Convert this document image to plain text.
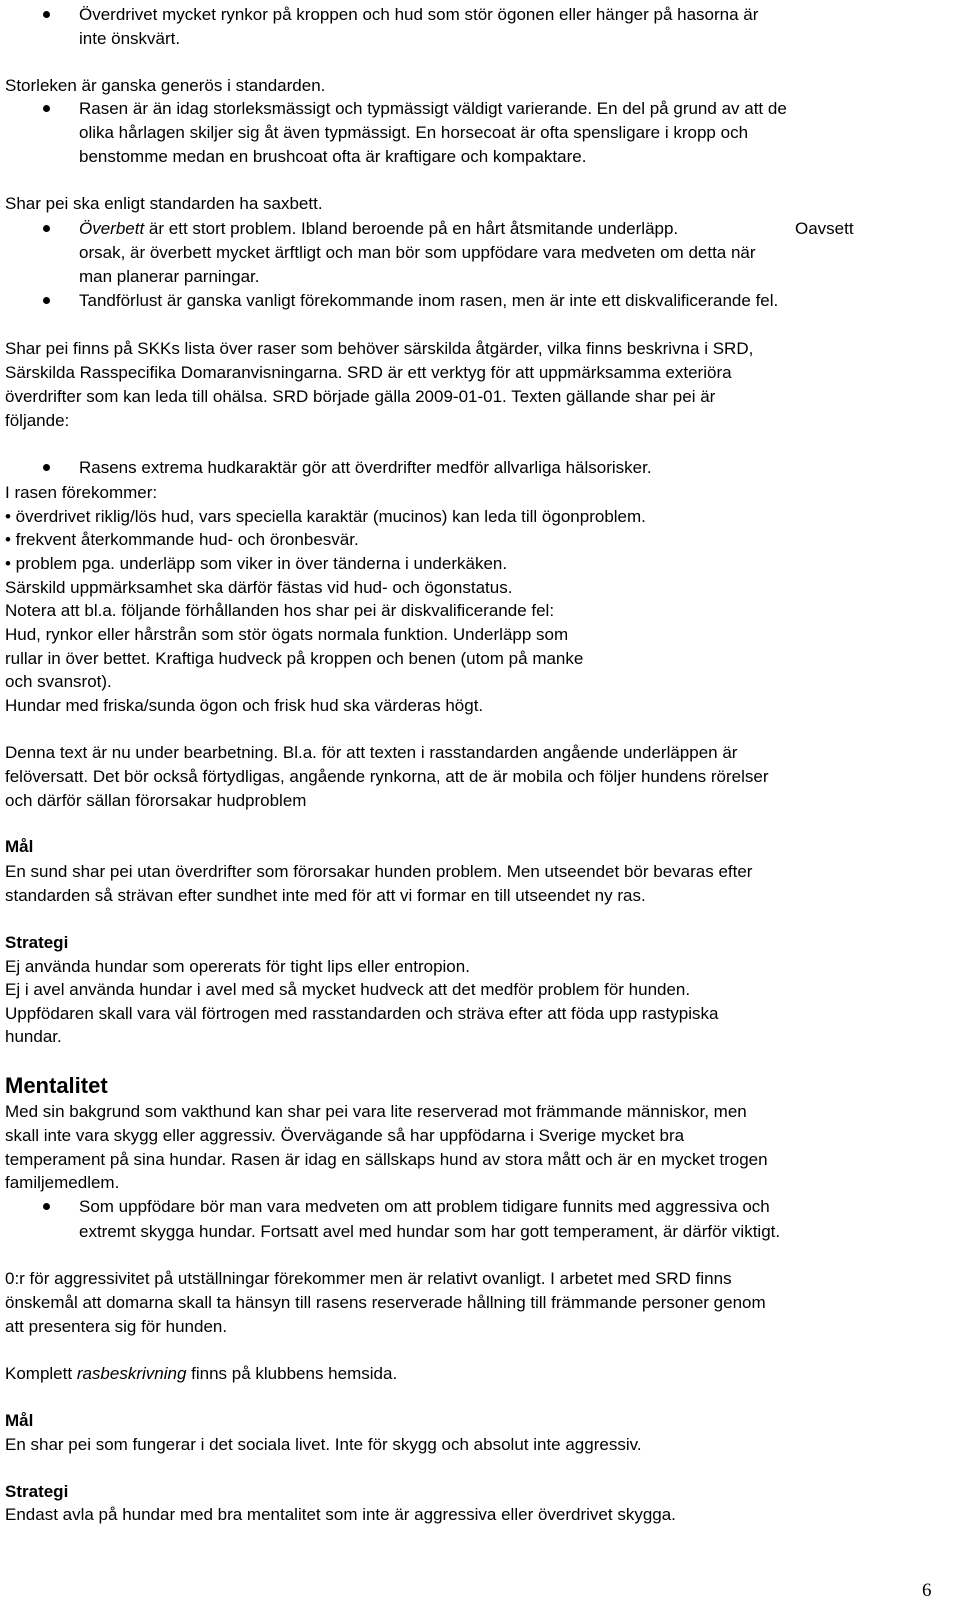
Överdrivet mycket rynkor på kroppen och hud som stör ögonen eller hänger på hasorna är
inte önskvärt.
Storleken är ganska generös i standarden.
Rasen är än idag storleksmässigt och typmässigt väldigt varierande. En del på grund av att de
olika hårlagen skiljer sig åt även typmässigt. En horsecoat är ofta spensligare i kropp och
benstomme medan en brushcoat ofta är kraftigare och kompaktare.
Shar pei ska enligt standarden ha saxbett.
Överbett är ett stort problem. Ibland beroende på en hårt åtsmitande underläpp.	Oavsett
orsak, är överbett mycket ärftligt och man bör som uppfödare vara medveten om detta när
man planerar parningar.
Tandförlust är ganska vanligt förekommande inom rasen, men är inte ett diskvalificerande fel.
Shar pei finns på SKKs lista över raser som behöver särskilda åtgärder, vilka finns beskrivna i SRD,
Särskilda Rasspecifika Domaranvisningarna. SRD är ett verktyg för att uppmärksamma exteriöra
överdrifter som kan leda till ohälsa. SRD började gälla 2009-01-01. Texten gällande shar pei är
följande:
Rasens extrema hudkaraktär gör att överdrifter medför allvarliga hälsorisker.
I rasen förekommer:
• överdrivet riklig/lös hud, vars speciella karaktär (mucinos) kan leda till ögonproblem.
• frekvent återkommande hud- och öronbesvär.
• problem pga. underläpp som viker in över tänderna i underkäken.
Särskild uppmärksamhet ska därför fästas vid hud- och ögonstatus.
Notera att bl.a. följande förhållanden hos shar pei är diskvalificerande fel:
Hud, rynkor eller hårstrån som stör ögats normala funktion. Underläpp som
rullar in över bettet. Kraftiga hudveck på kroppen och benen (utom på manke
och svansrot).
Hundar med friska/sunda ögon och frisk hud ska värderas högt.
Denna text är nu under bearbetning. Bl.a. för att texten i rasstandarden angående underläppen är
felöversatt. Det bör också förtydligas, angående rynkorna, att de är mobila och följer hundens rörelser
och därför sällan förorsakar hudproblem
Mål
En sund shar pei utan överdrifter som förorsakar hunden problem. Men utseendet bör bevaras efter
standarden så strävan efter sundhet inte med för att vi formar en till utseendet ny ras.
Strategi
Ej använda hundar som opererats för tight lips eller entropion.
Ej i avel använda hundar i avel med så mycket hudveck att det medför problem för hunden.
Uppfödaren skall vara väl förtrogen med rasstandarden och sträva efter att föda upp rastypiska
hundar.
Mentalitet
Med sin bakgrund som vakthund kan shar pei vara lite reserverad mot främmande människor, men
skall inte vara skygg eller aggressiv. Övervägande så har uppfödarna i Sverige mycket bra
temperament på sina hundar. Rasen är idag en sällskaps hund av stora mått och är en mycket trogen
familjemedlem.
Som uppfödare bör man vara medveten om att problem tidigare funnits med aggressiva och
extremt skygga hundar. Fortsatt avel med hundar som har gott temperament, är därför viktigt.
0:r för aggressivitet på utställningar förekommer men är relativt ovanligt. I arbetet med SRD finns
önskemål att domarna skall ta hänsyn till rasens reserverade hållning till främmande personer genom
att presentera sig för hunden.
Komplett rasbeskrivning finns på klubbens hemsida.
Mål
En shar pei som fungerar i det sociala livet. Inte för skygg och absolut inte aggressiv.
Strategi
Endast avla på hundar med bra mentalitet som inte är aggressiva eller överdrivet skygga.
6
